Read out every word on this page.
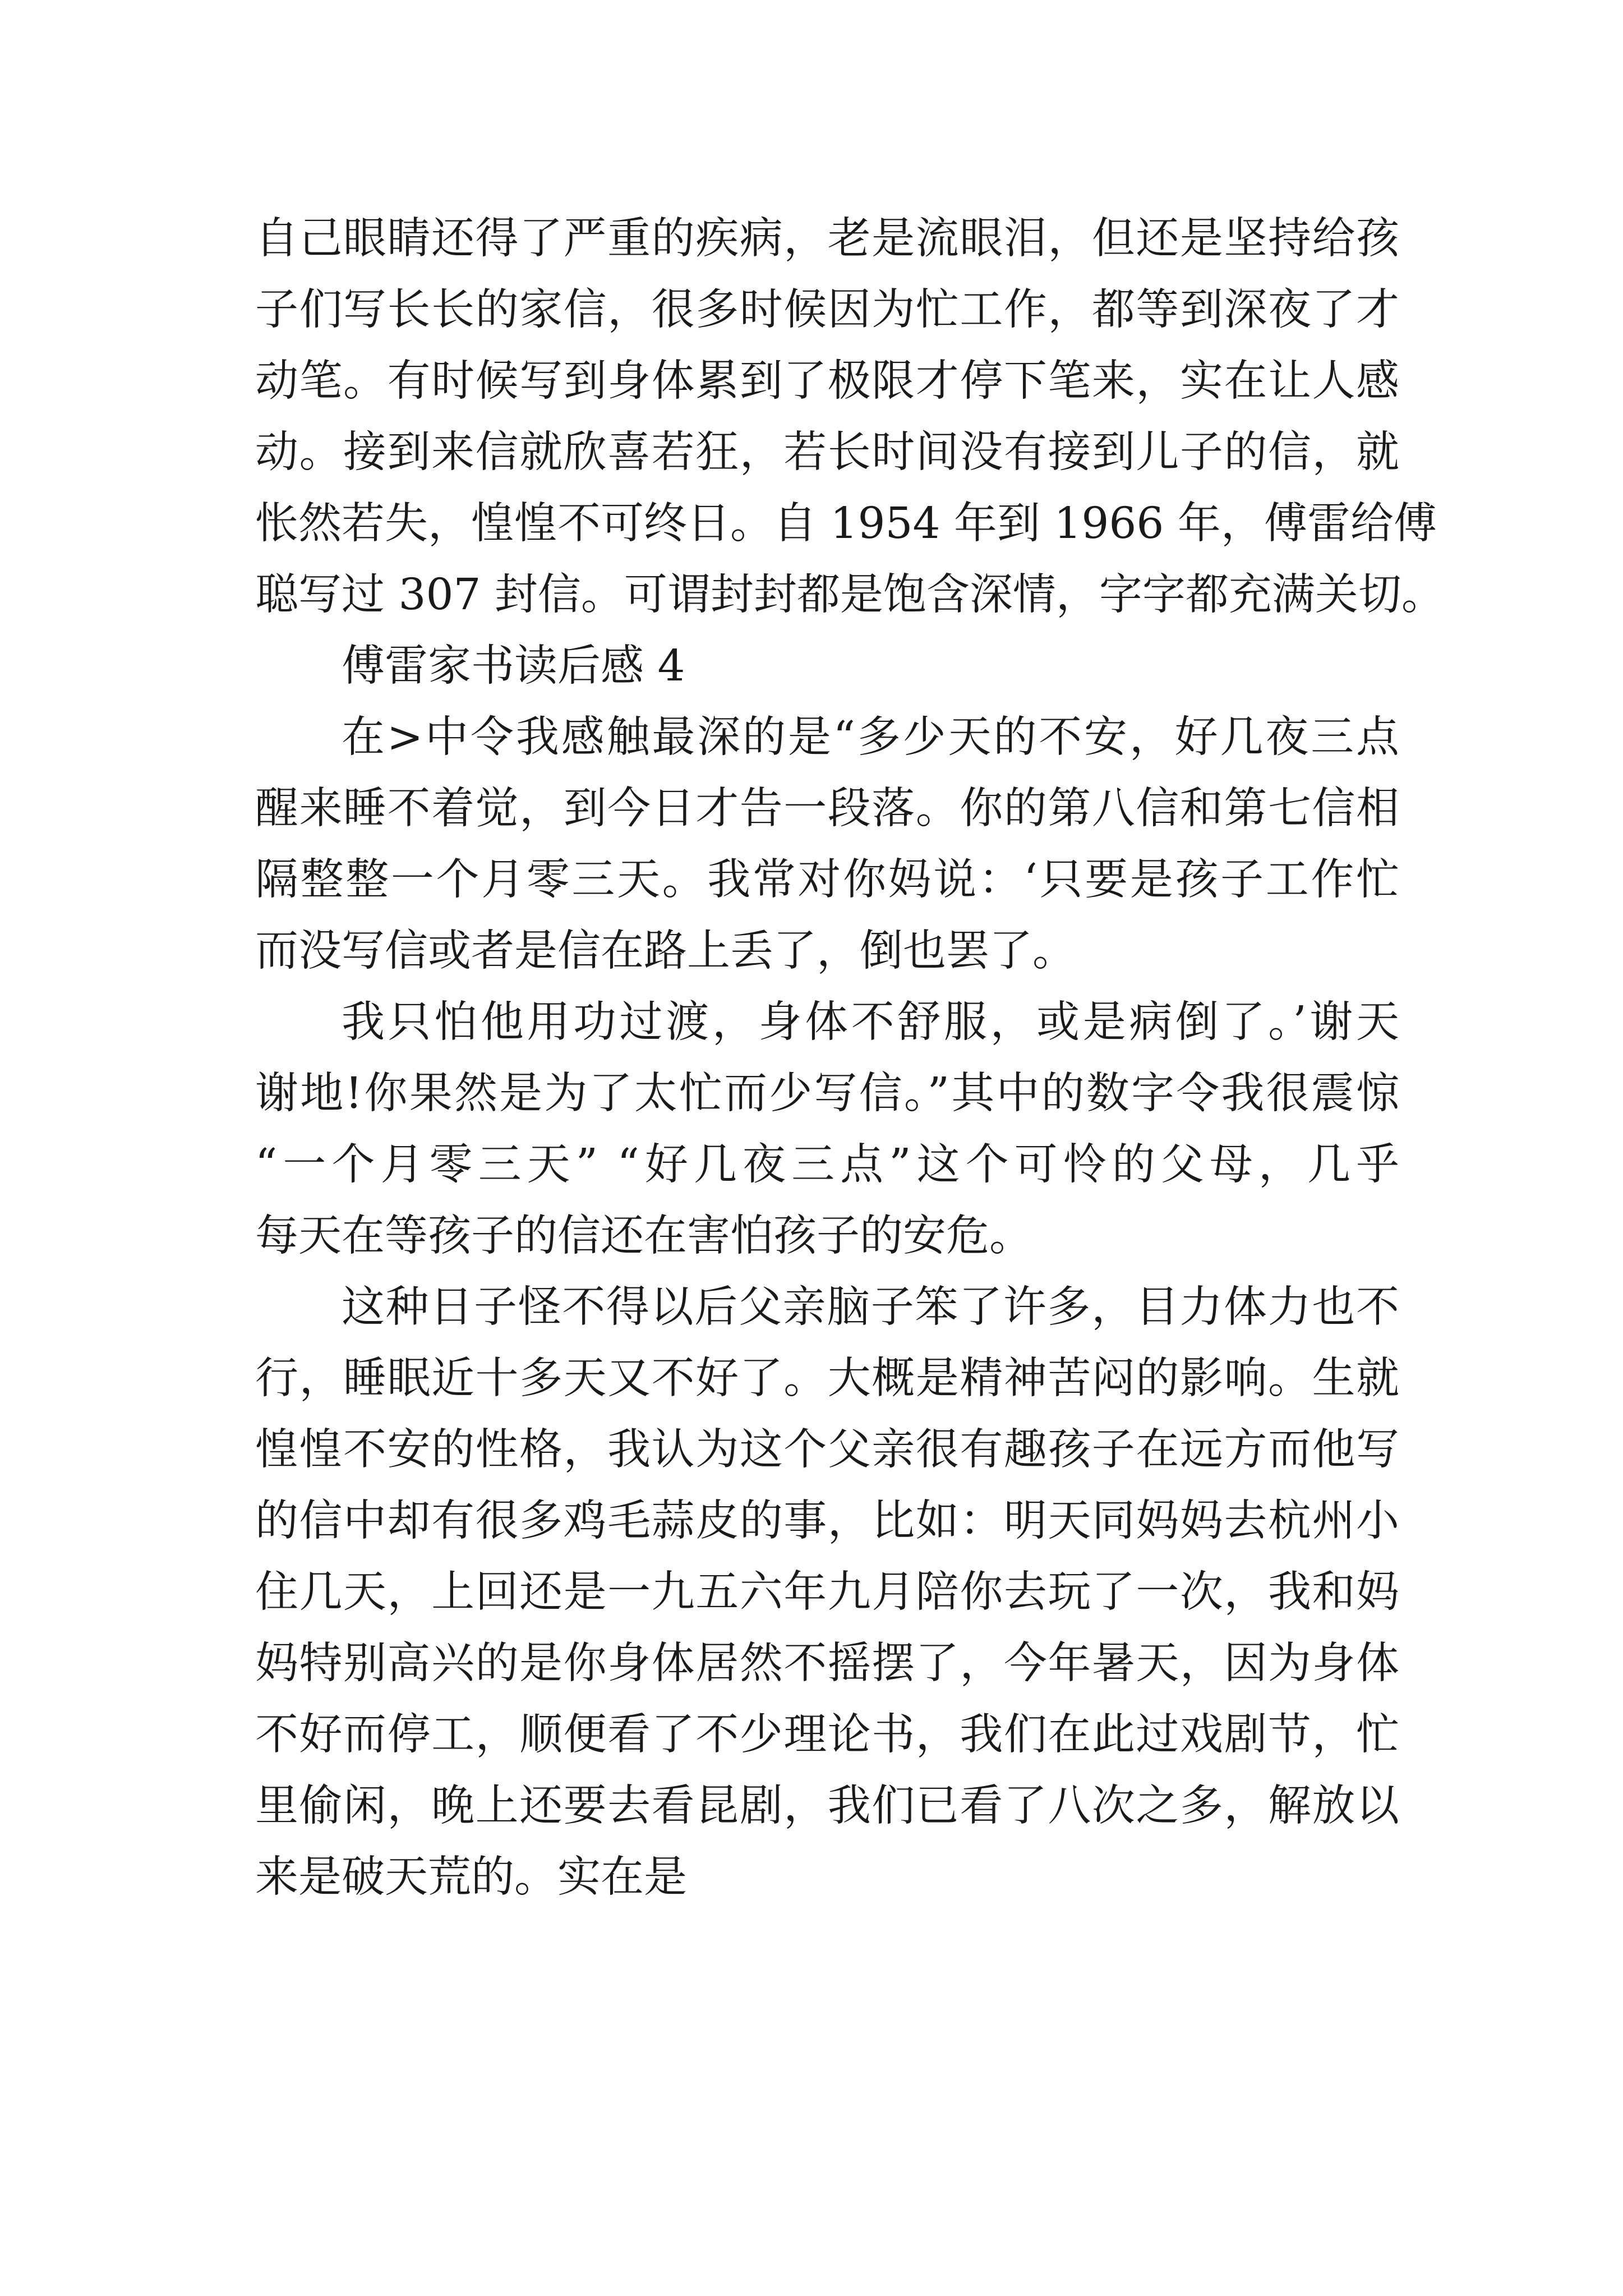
自己眼睛还得了严重的疾病，老是流眼泪，但还是坚持给孩
子们写长长的家信，很多时候因为忙工作，都等到深夜了才
动笔。有时候写到身体累到了极限才停下笔来，实在让人感
动。接到来信就欣喜若狂，若长时间没有接到儿子的信，就
怅然若失，惶惶不可终日。自 1954 年到 1966 年，傅雷给傅
聪写过 307 封信。可谓封封都是饱含深情，字字都充满关切。
傅雷家书读后感 4
在>中令我感触最深的是“多少天的不安，好几夜三点
醒来睡不着觉，到今日才告一段落。你的第八信和第七信相
隔整整一个月零三天。我常对你妈说：‘只要是孩子工作忙
而没写信或者是信在路上丢了，倒也罢了。
我只怕他用功过渡，身体不舒服，或是病倒了。’谢天
谢地!你果然是为了太忙而少写信。”其中的数字令我很震惊
“一个月零三天” “好几夜三点”这个可怜的父母，几乎
每天在等孩子的信还在害怕孩子的安危。
这种日子怪不得以后父亲脑子笨了许多，目力体力也不
行，睡眠近十多天又不好了。大概是精神苦闷的影响。生就
惶惶不安的性格，我认为这个父亲很有趣孩子在远方而他写
的信中却有很多鸡毛蒜皮的事，比如：明天同妈妈去杭州小
住几天，上回还是一九五六年九月陪你去玩了一次，我和妈
妈特别高兴的是你身体居然不摇摆了，今年暑天，因为身体
不好而停工，顺便看了不少理论书，我们在此过戏剧节，忙
里偷闲，晚上还要去看昆剧，我们已看了八次之多，解放以
来是破天荒的。实在是
